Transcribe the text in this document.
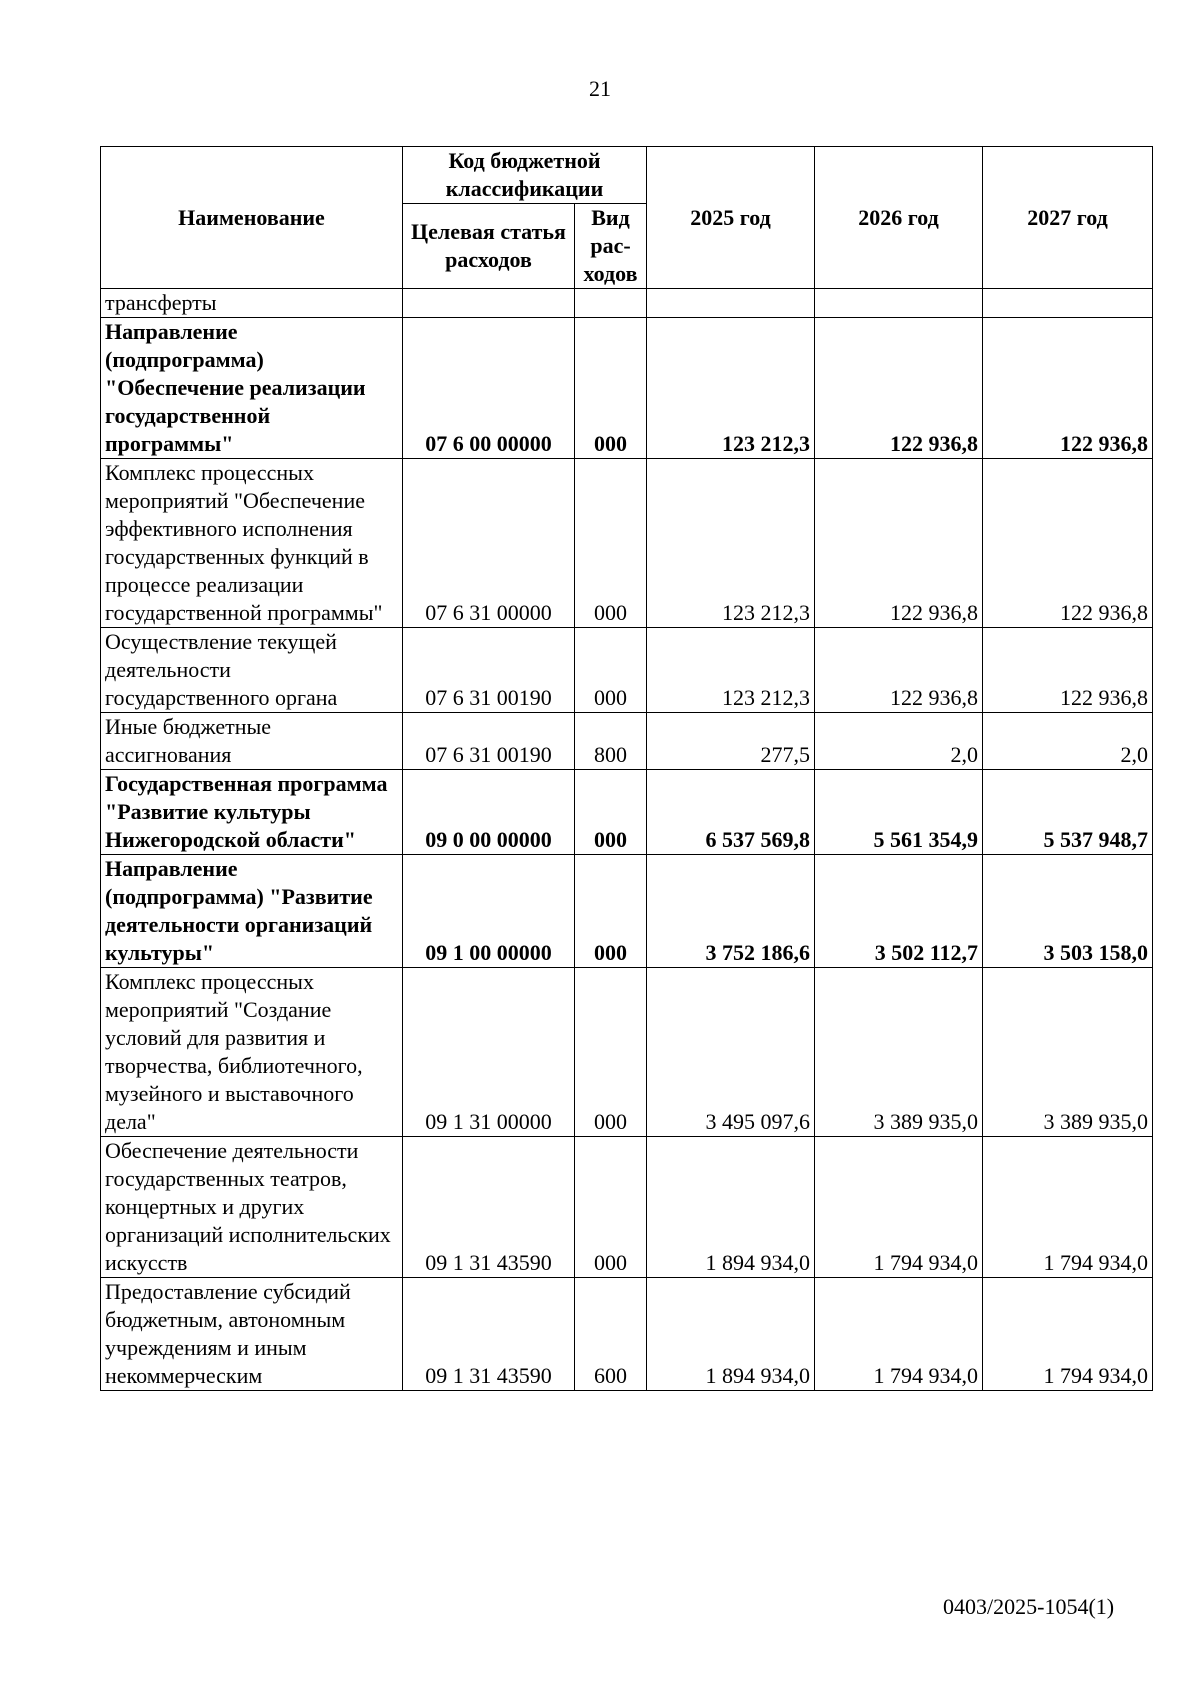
21
Наименование	Код бюджетной классификации		2025 год	2026 год	2027 год
	Целевая статья расходов	Вид рас-ходов			
трансферты					
Направление (подпрограмма) "Обеспечение реализации государственной программы"	07 6 00 00000	000	123 212,3	122 936,8	122 936,8
Комплекс процессных мероприятий "Обеспечение эффективного исполнения государственных функций в процессе реализации государственной программы"	07 6 31 00000	000	123 212,3	122 936,8	122 936,8
Осуществление текущей деятельности государственного органа	07 6 31 00190	000	123 212,3	122 936,8	122 936,8
Иные бюджетные ассигнования	07 6 31 00190	800	277,5	2,0	2,0
Государственная программа "Развитие культуры Нижегородской области"	09 0 00 00000	000	6 537 569,8	5 561 354,9	5 537 948,7
Направление (подпрограмма) "Развитие деятельности организаций культуры"	09 1 00 00000	000	3 752 186,6	3 502 112,7	3 503 158,0
Комплекс процессных мероприятий "Создание условий для развития и творчества, библиотечного, музейного и выставочного дела"	09 1 31 00000	000	3 495 097,6	3 389 935,0	3 389 935,0
Обеспечение деятельности государственных театров, концертных и других организаций исполнительских искусств	09 1 31 43590	000	1 894 934,0	1 794 934,0	1 794 934,0
Предоставление субсидий бюджетным, автономным учреждениям и иным некоммерческим	09 1 31 43590	600	1 894 934,0	1 794 934,0	1 794 934,0
0403/2025-1054(1)
